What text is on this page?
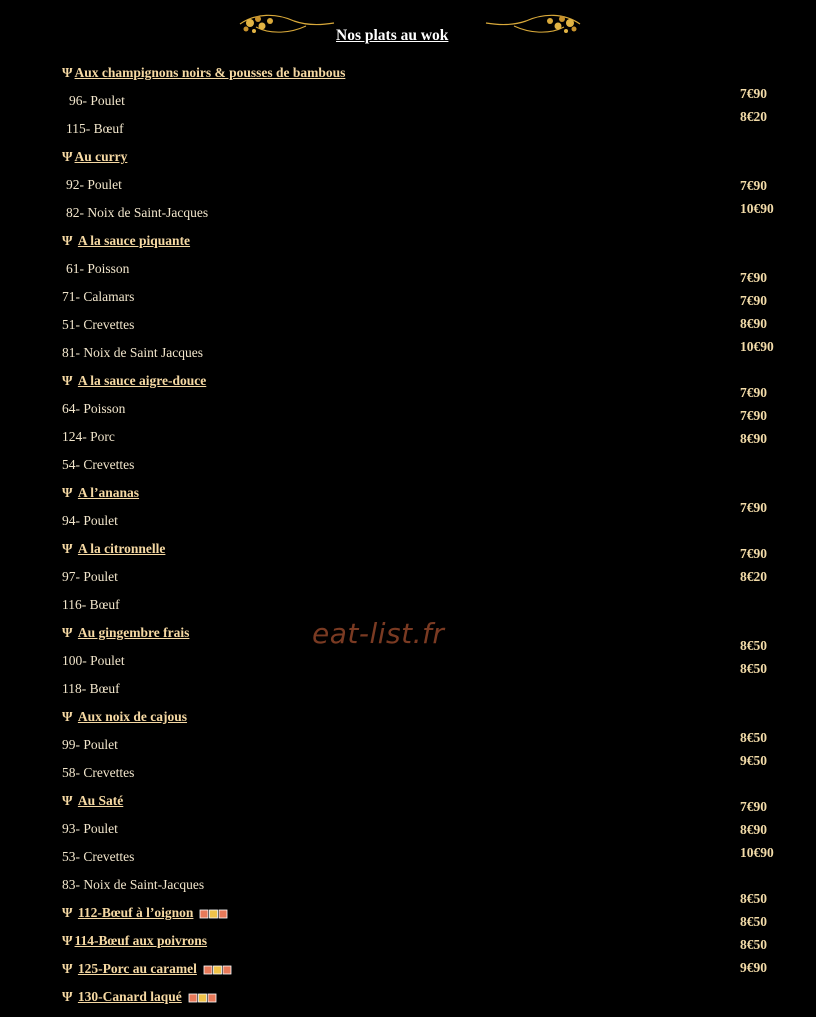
Nos plats au wok
Ψ Aux champignons noirs & pousses de bambous
96- Poulet
115- Bœuf
Ψ Au curry
92- Poulet
82- Noix de Saint-Jacques
Ψ A la sauce piquante
61- Poisson
71- Calamars
51- Crevettes
81- Noix de Saint Jacques
Ψ A la sauce aigre-douce
64- Poisson
124- Porc
54- Crevettes
Ψ A l’ananas
94- Poulet
Ψ A la citronnelle
97- Poulet
116- Bœuf
Ψ Au gingembre frais
100- Poulet
118- Bœuf
Ψ Aux noix de cajous
99- Poulet
58- Crevettes
Ψ Au Saté
93- Poulet
53- Crevettes
83- Noix de Saint-Jacques
Ψ 112-Bœuf à l’oignon
Ψ 114-Bœuf aux poivrons
Ψ 125-Porc au caramel
Ψ 130-Canard laqué
7€90
8€20
7€90
10€90
7€90
7€90
8€90
10€90
7€90
7€90
8€90
7€90
7€90
8€20
8€50
8€50
8€50
9€50
7€90
8€90
10€90
8€50
8€50
8€50
9€90
eat-list.fr
